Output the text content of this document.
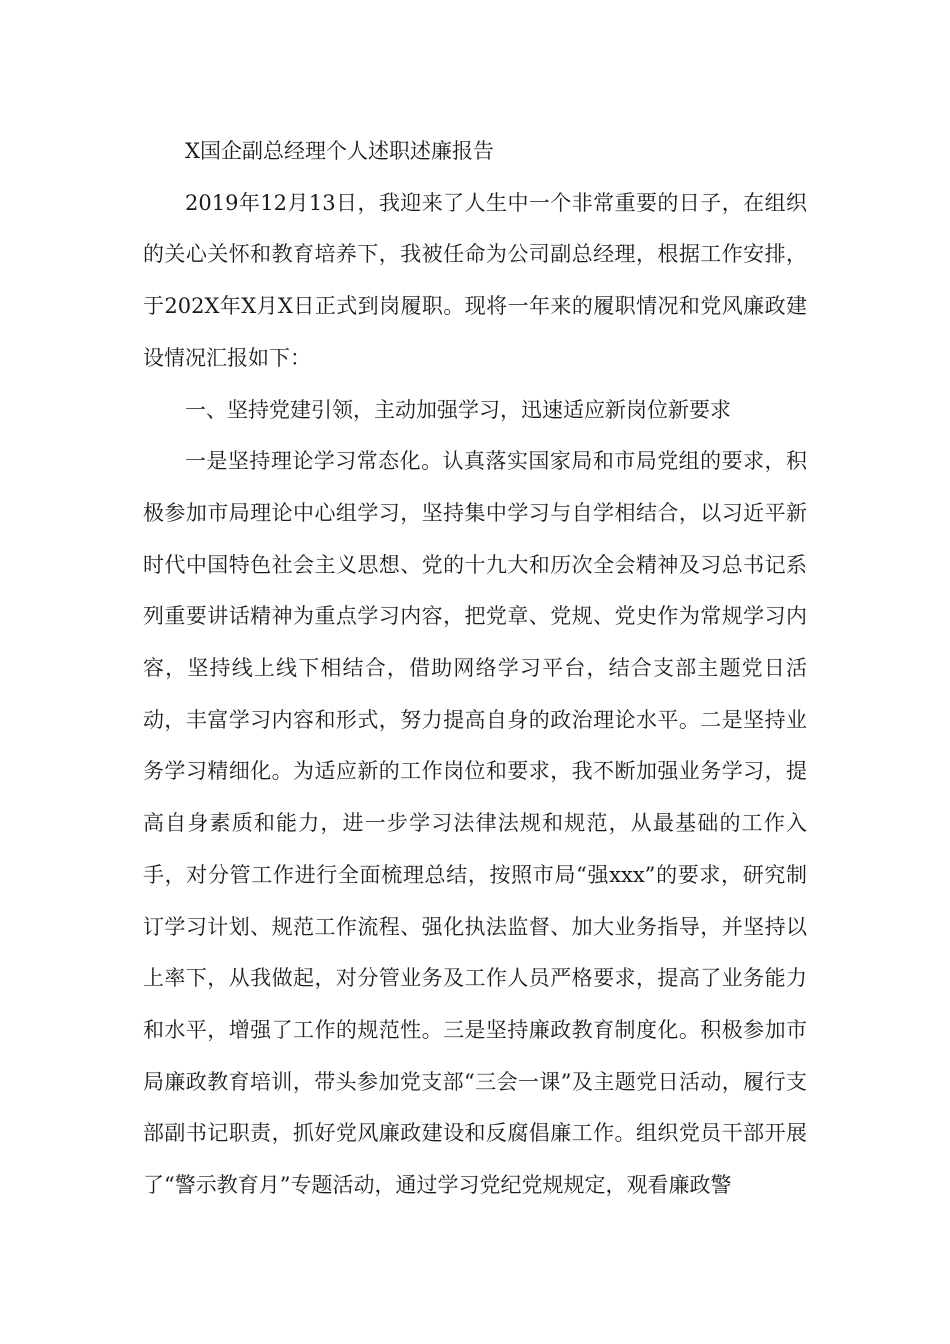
X国企副总经理个人述职述廉报告

2019年12月13日，我迎来了人生中一个非常重要的日子，在组织的关心关怀和教育培养下，我被任命为公司副总经理，根据工作安排，于202X年X月X日正式到岗履职。现将一年来的履职情况和党风廉政建设情况汇报如下：

一、坚持党建引领，主动加强学习，迅速适应新岗位新要求

一是坚持理论学习常态化。认真落实国家局和市局党组的要求，积极参加市局理论中心组学习，坚持集中学习与自学相结合，以习近平新时代中国特色社会主义思想、党的十九大和历次全会精神及习总书记系列重要讲话精神为重点学习内容，把党章、党规、党史作为常规学习内容，坚持线上线下相结合，借助网络学习平台，结合支部主题党日活动，丰富学习内容和形式，努力提高自身的政治理论水平。二是坚持业务学习精细化。为适应新的工作岗位和要求，我不断加强业务学习，提高自身素质和能力，进一步学习法律法规和规范，从最基础的工作入手，对分管工作进行全面梳理总结，按照市局“强xxx”的要求，研究制订学习计划、规范工作流程、强化执法监督、加大业务指导，并坚持以上率下，从我做起，对分管业务及工作人员严格要求，提高了业务能力和水平，增强了工作的规范性。三是坚持廉政教育制度化。积极参加市局廉政教育培训，带头参加党支部“三会一课”及主题党日活动，履行支部副书记职责，抓好党风廉政建设和反腐倡廉工作。组织党员干部开展了“警示教育月”专题活动，通过学习党纪党规规定，观看廉政警
